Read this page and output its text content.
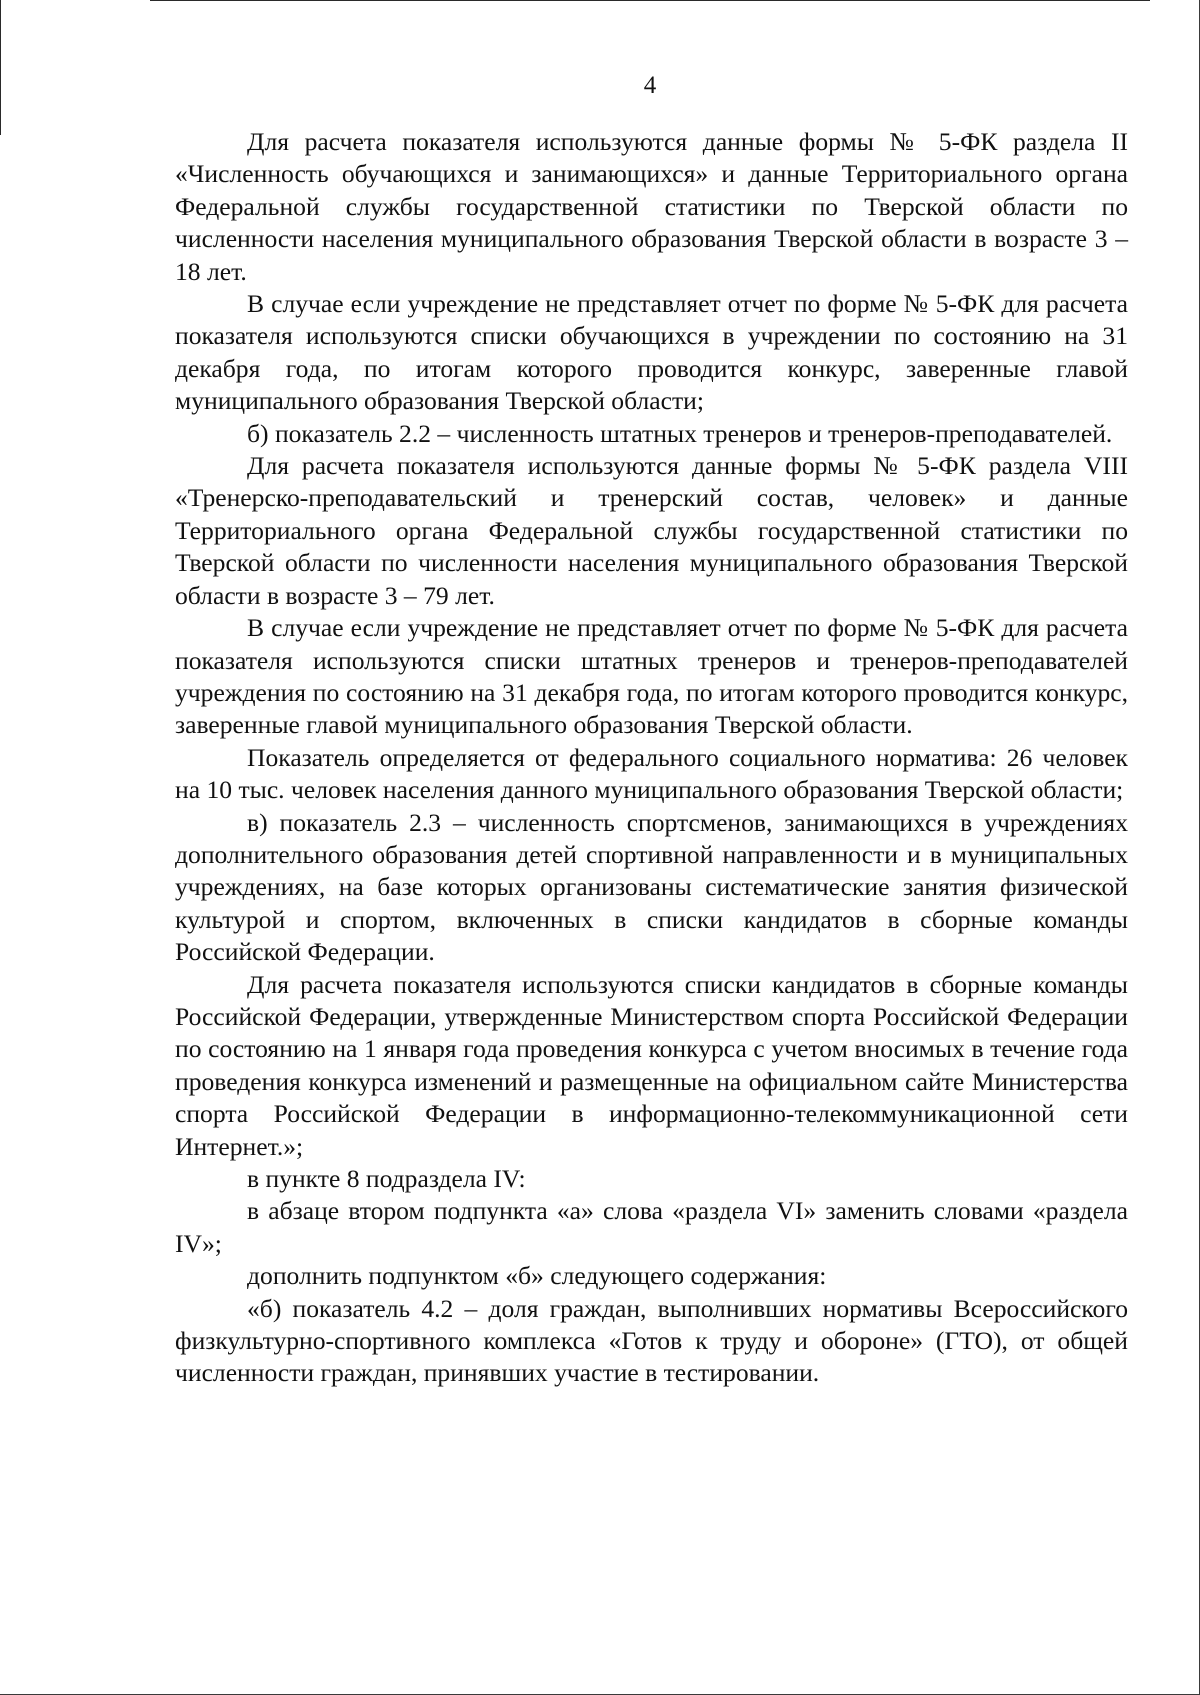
4

Для расчета показателя используются данные формы № 5-ФК раздела II «Численность обучающихся и занимающихся» и данные Территориального органа Федеральной службы государственной статистики по Тверской области по численности населения муниципального образования Тверской области в возрасте 3 – 18 лет.

В случае если учреждение не представляет отчет по форме № 5-ФК для расчета показателя используются списки обучающихся в учреждении по состоянию на 31 декабря года, по итогам которого проводится конкурс, заверенные главой муниципального образования Тверской области;

б) показатель 2.2 – численность штатных тренеров и тренеров-преподавателей.

Для расчета показателя используются данные формы № 5-ФК раздела VIII «Тренерско-преподавательский и тренерский состав, человек» и данные Территориального органа Федеральной службы государственной статистики по Тверской области по численности населения муниципального образования Тверской области в возрасте 3 – 79 лет.

В случае если учреждение не представляет отчет по форме № 5-ФК для расчета показателя используются списки штатных тренеров и тренеров-преподавателей учреждения по состоянию на 31 декабря года, по итогам которого проводится конкурс, заверенные главой муниципального образования Тверской области.

Показатель определяется от федерального социального норматива: 26 человек на 10 тыс. человек населения данного муниципального образования Тверской области;

в) показатель 2.3 – численность спортсменов, занимающихся в учреждениях дополнительного образования детей спортивной направленности и в муниципальных учреждениях, на базе которых организованы систематические занятия физической культурой и спортом, включенных в списки кандидатов в сборные команды Российской Федерации.

Для расчета показателя используются списки кандидатов в сборные команды Российской Федерации, утвержденные Министерством спорта Российской Федерации по состоянию на 1 января года проведения конкурса с учетом вносимых в течение года проведения конкурса изменений и размещенные на официальном сайте Министерства спорта Российской Федерации в информационно-телекоммуникационной сети Интернет.»;

в пункте 8 подраздела IV:

в абзаце втором подпункта «а» слова «раздела VI» заменить словами «раздела IV»;

дополнить подпунктом «б» следующего содержания:

«б) показатель 4.2 – доля граждан, выполнивших нормативы Всероссийского физкультурно-спортивного комплекса «Готов к труду и обороне» (ГТО), от общей численности граждан, принявших участие в тестировании.
